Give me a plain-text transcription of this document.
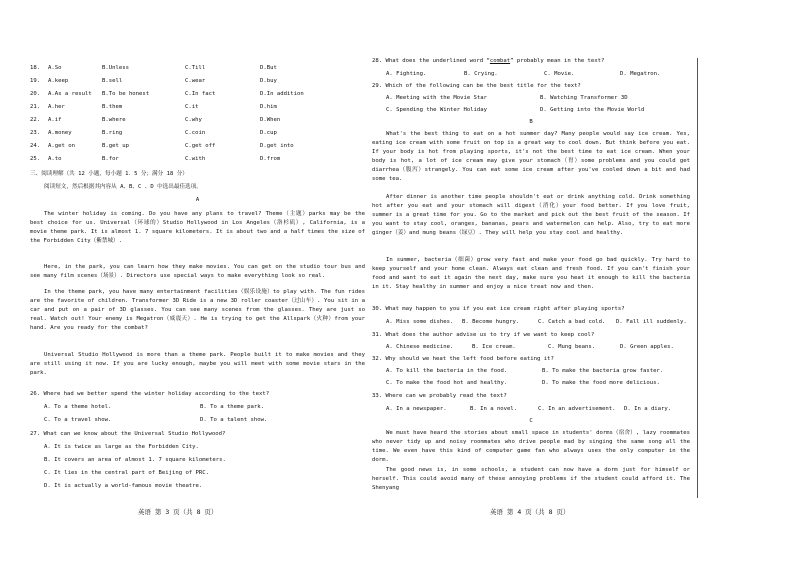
18. A.So	B.Unless	C.Till	D.But
19. A.keep	B.sell	C.wear	D.buy
20. A.As a result B.To be honest	C.In fact	D.In addition
21. A.her	B.them	C.it	D.him
22. A.if	B.where	C.why	D.When
23. A.money	B.ring	C.coin	D.cup
24. A.get on	B.get up	C.get off	D.get into
25. A.to	B.for	C.with	D.from
三、阅读理解（共 12 小题，每小题 1．5 分；满分 18 分）
阅读短文，然后根据其内容从 A、B、C 、D 中选出最佳选项。
A
The winter holiday is coming. Do you have any plans to travel? Theme（主题）parks may be the best choice for us. Universal（环球的）Studio Hollywood in Los Angeles（洛杉矶）, California, is a movie theme park. It is almost 1. 7 square kilometers. It is about two and a half times the size of the Forbidden City（紫禁城）.
Here, in the park, you can learn how they make movies. You can get on the studio tour bus and see many film scenes（场景）. Directors use special ways to make everything look so real.
In the theme park, you have many entertainment facilities（娱乐设施）to play with. The fun rides are the favorite of children. Transformer 3D Ride is a new 3D roller coaster（过山车）. You sit in a car and put on a pair of 3D glasses. You can see many scenes from the glasses. They are just so real. Watch out! Your enemy is Megatron（威震天）. He is trying to get the Allspark（火种）from your hand. Are you ready for the combat?
Universal Studio Hollywood is more than a theme park. People built it to make movies and they are still using it now. If you are lucky enough, maybe you will meet with some movie stars in the park.
26. Where had we better spend the winter holiday according to the text?
A. To a theme hotel.	B. To a theme park.
C. To a travel show.	D. To a talent show.
27. What can we know about the Universal Studio Hollywood?
A. It is twice as large as the Forbidden City.
B. It covers an area of almost 1. 7 square kilometers.
C. It lies in the central part of Beijing of PRC.
D. It is actually a world-famous movie theatre.
英语 第 3 页（共 8 页）
28. What does the underlined word “combat” probably mean in the text?
A. Fighting.	B. Crying.	C. Movie.	D. Megatron.
29. Which of the following can be the best title for the text?
A. Meeting with the Movie Star	B. Watching Transformer 3D
C. Spending the Winter Holiday	D. Getting into the Movie World
B
What's the best thing to eat on a hot summer day? Many people would say ice cream. Yes, eating ice cream with some fruit on top is a great way to cool down. But think before you eat. If your body is hot from playing sports, it's not the best time to eat ice cream. When your body is hot, a lot of ice cream may give your stomach（胃）some problems and you could get diarrhea（腹泻）strangely. You can eat some ice cream after you've cooled down a bit and had some tea.
After dinner is another time people shouldn't eat or drink anything cold. Drink something hot after you eat and your stomach will digest（消化）your food better. If you love fruit, summer is a great time for you. Go to the market and pick out the best fruit of the season. If you want to stay cool, oranges, bananas, pears and watermelon can help. Also, try to eat more ginger（姜）and mung beans（绿豆）. They will help you stay cool and healthy.
In summer, bacteria（细菌）grow very fast and make your food go bad quickly. Try hard to keep yourself and your home clean. Always eat clean and fresh food. If you can't finish your food and want to eat it again the next day, make sure you heat it enough to kill the bacteria in it. Stay healthy in summer and enjoy a nice treat now and then.
30. What may happen to you if you eat ice cream right after playing sports?
A. Miss some dishes. B. Become hungry.	C. Catch a bad cold. D. Fall ill suddenly.
31. What does the author advise us to try if we want to keep cool?
A. Chinese medicine.	B. Ice cream.	C. Mung beans.	D. Green apples.
32. Why should we heat the left food before eating it?
A. To kill the bacteria in the food.	B. To make the bacteria grow faster.
C. To make the food hot and healthy.	D. To make the food more delicious.
33. Where can we probably read the text?
A. In a newspaper.	B. In a novel.	C. In an advertisement. D. In a diary.
C
We must have heard the stories about small space in students' dorms（宿舍）, lazy roommates who never tidy up and noisy roommates who drive people mad by singing the same song all the time. We even have this kind of computer game fan who always uses the only computer in the dorm.
The good news is, in some schools, a student can now have a dorm just for himself or herself. This could avoid many of these annoying problems if the student could afford it. The Shenyang
英语 第 4 页（共 8 页）
